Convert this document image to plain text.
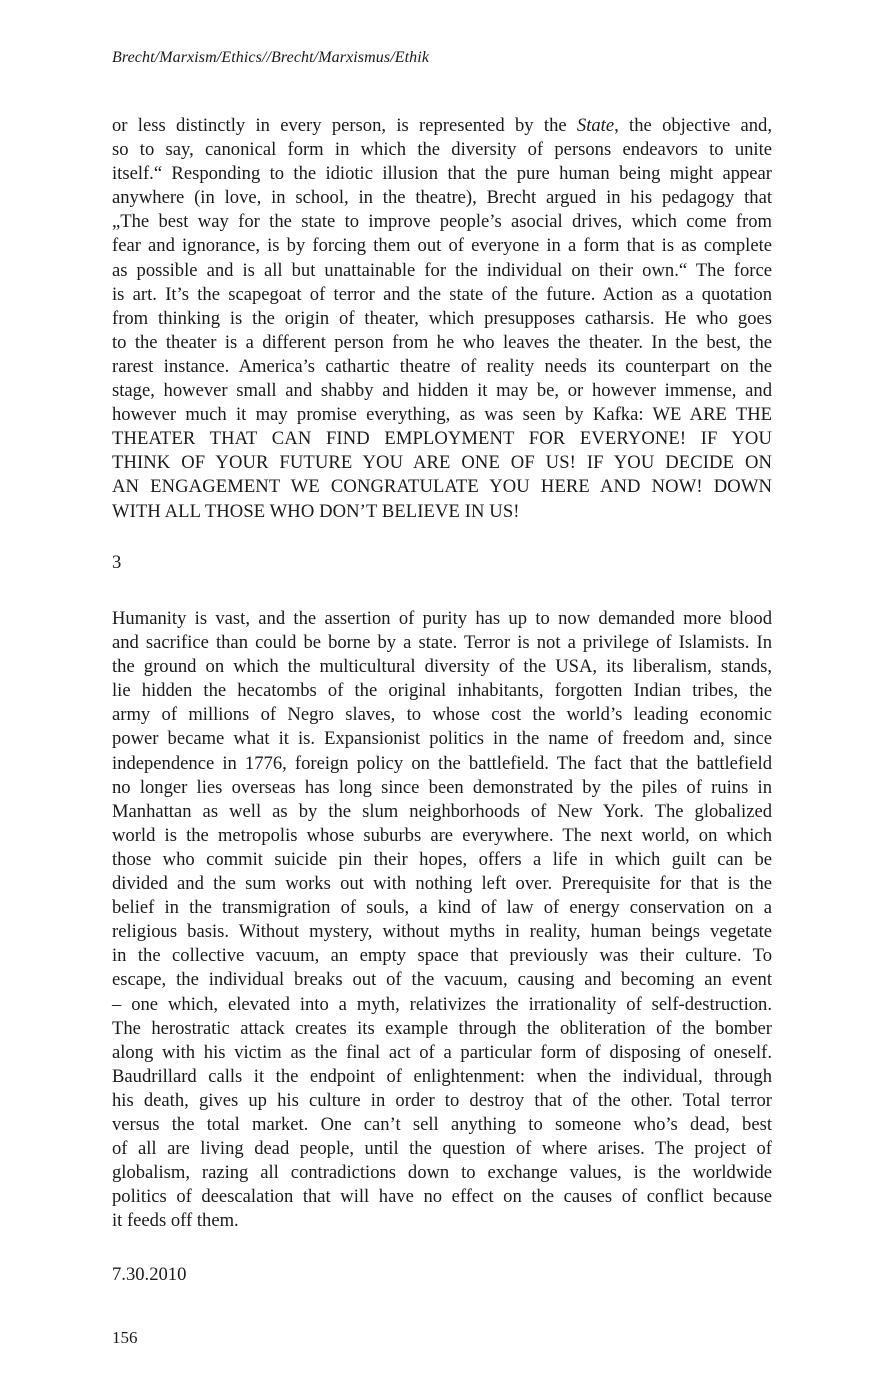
Brecht/Marxism/Ethics//Brecht/Marxismus/Ethik
or less distinctly in every person, is represented by the State, the objective and,
so to say, canonical form in which the diversity of persons endeavors to unite
itself.“ Responding to the idiotic illusion that the pure human being might appear
anywhere (in love, in school, in the theatre), Brecht argued in his pedagogy that
„The best way for the state to improve people’s asocial drives, which come from
fear and ignorance, is by forcing them out of everyone in a form that is as complete
as possible and is all but unattainable for the individual on their own.“ The force
is art. It’s the scapegoat of terror and the state of the future. Action as a quotation
from thinking is the origin of theater, which presupposes catharsis. He who goes
to the theater is a different person from he who leaves the theater. In the best, the
rarest instance. America’s cathartic theatre of reality needs its counterpart on the
stage, however small and shabby and hidden it may be, or however immense, and
however much it may promise everything, as was seen by Kafka: WE ARE THE
THEATER THAT CAN FIND EMPLOYMENT FOR EVERYONE! IF YOU
THINK OF YOUR FUTURE YOU ARE ONE OF US! IF YOU DECIDE ON
AN ENGAGEMENT WE CONGRATULATE YOU HERE AND NOW! DOWN
WITH ALL THOSE WHO DON’T BELIEVE IN US!
3
Humanity is vast, and the assertion of purity has up to now demanded more blood
and sacrifice than could be borne by a state. Terror is not a privilege of Islamists. In
the ground on which the multicultural diversity of the USA, its liberalism, stands,
lie hidden the hecatombs of the original inhabitants, forgotten Indian tribes, the
army of millions of Negro slaves, to whose cost the world’s leading economic
power became what it is. Expansionist politics in the name of freedom and, since
independence in 1776, foreign policy on the battlefield. The fact that the battlefield
no longer lies overseas has long since been demonstrated by the piles of ruins in
Manhattan as well as by the slum neighborhoods of New York. The globalized
world is the metropolis whose suburbs are everywhere. The next world, on which
those who commit suicide pin their hopes, offers a life in which guilt can be
divided and the sum works out with nothing left over. Prerequisite for that is the
belief in the transmigration of souls, a kind of law of energy conservation on a
religious basis. Without mystery, without myths in reality, human beings vegetate
in the collective vacuum, an empty space that previously was their culture. To
escape, the individual breaks out of the vacuum, causing and becoming an event
– one which, elevated into a myth, relativizes the irrationality of self-destruction.
The herostratic attack creates its example through the obliteration of the bomber
along with his victim as the final act of a particular form of disposing of oneself.
Baudrillard calls it the endpoint of enlightenment: when the individual, through
his death, gives up his culture in order to destroy that of the other. Total terror
versus the total market. One can’t sell anything to someone who’s dead, best
of all are living dead people, until the question of where arises. The project of
globalism, razing all contradictions down to exchange values, is the worldwide
politics of deescalation that will have no effect on the causes of conflict because
it feeds off them.
7.30.2010
156
